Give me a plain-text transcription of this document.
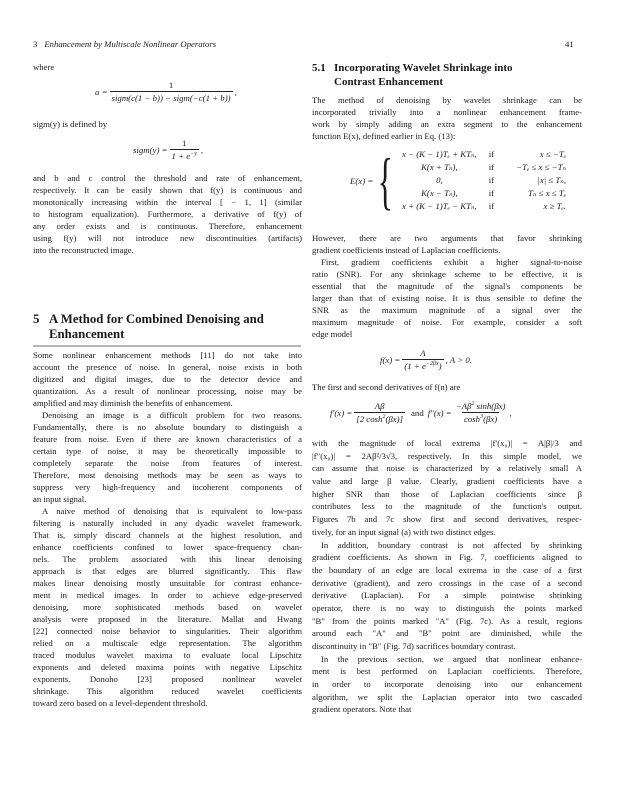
3 Enhancement by Multiscale Nonlinear Operators	41
where
$a = \frac{1}{\text{sigm(c(1 − b)) − sigm(−c(1 + b))}}$ ,
sigm(y) is defined by
sigm(y) = $\frac{1}{1 + e^{-y}}$ ,
and b and c control the threshold and rate of enhancement,
respectively. It can be easily shown that f(y) is continuous and
monotonically increasing within the interval [ − 1, 1] (similar
to histogram equalization). Furthermore, a derivative of f(y) of
any order exists and is continuous. Therefore, enhancement
using f(y) will not introduce new discontinuities (artifacts)
into the reconstructed image.
5 A Method for Combined Denoising and
Enhancement
Some nonlinear enhancement methods [11] do not take into
account the presence of noise. In general, noise exists in both
digitized and digital images, due to the detector device and
quantization. As a result of nonlinear processing, noise may be
amplified and may diminish the benefits of enhancement.
Denoising an image is a difficult problem for two reasons.
Fundamentally, there is no absolute boundary to distinguish a
feature from noise. Even if there are known characteristics of a
certain type of noise, it may be theoretically impossible to
completely separate the noise from features of interest.
Therefore, most denoising methods may be seen as ways to
suppress very high-frequency and incoherent components of
an input signal.
A naive method of denoising that is equivalent to low-pass
filtering is naturally included in any dyadic wavelet framework.
That is, simply discard channels at the highest resolution, and
enhance coefficients confined to lower space-frequency chan-
nels. The problem associated with this linear denoising
approach is that edges are blurred significantly. This flaw
makes linear denoising mostly unsuitable for contrast enhance-
ment in medical images. In order to achieve edge-preserved
denoising, more sophisticated methods based on wavelet
analysis were proposed in the literature. Mallat and Hwang
[22] connected noise behavior to singularities. Their algorithm
relied on a multiscale edge representation. The algorithm
traced modulus wavelet maxima to evaluate local Lipschitz
exponents and deleted maxima points with negative Lipschitz
exponents. Donoho [23] proposed nonlinear wavelet
shrinkage. This algorithm reduced wavelet coefficients
toward zero based on a level-dependent threshold.
5.1 Incorporating Wavelet Shrinkage into
Contrast Enhancement
The method of denoising by wavelet shrinkage can be
incorporated trivially into a nonlinear enhancement frame-
work by simply adding an extra segment to the enhancement
function E(x), defined earlier in Eq. (13):
E(x) = { x − (K − 1)Tₑ + KTₙ,	if	x ≤ −Tₑ
K(x + Tₙ),	if	−Tₑ ≤ x ≤ −Tₙ
0,	if	|x| ≤ Tₙ,
K(x − Tₙ),	if	Tₙ ≤ x ≤ Tₑ
x + (K − 1)Tₑ − KTₙ,	if	x ≥ Tₑ.
However, there are two arguments that favor shrinking
gradient coefficients instead of Laplacian coefficients.
First, gradient coefficients exhibit a higher signal-to-noise
ratio (SNR). For any shrinkage scheme to be effective, it is
essential that the magnitude of the signal's components be
larger than that of existing noise. It is thus sensible to define the
SNR as the maximum magnitude of a signal over the
maximum magnitude of noise. For example, consider a soft
edge model
$f(x) = \frac{A}{(1 + e^{-2\beta x})}$ , A > 0.
The first and second derivatives of f(n) are
$f'(x) = \frac{A\beta}{[2 \cosh^2(\beta x)]}$ and $f''(x) = \frac{-A\beta^2 \sinh(\beta x)}{\cosh^3(\beta x)}$ ,
with the magnitude of local extrema |f′(x₀)| = A|β|/3 and
|f″(x₀)| = 2Aβ²/3√3, respectively. In this simple model, we
can assume that noise is characterized by a relatively small A
value and large β value. Clearly, gradient coefficients have a
higher SNR than those of Laplacian coefficients since β
contributes less to the magnitude of the function's output.
Figures 7b and 7c show first and second derivatives, respec-
tively, for an input signal (a) with two distinct edges.
In addition, boundary contrast is not affected by shrinking
gradient coefficients. As shown in Fig. 7, coefficients aligned to
the boundary of an edge are local extrema in the case of a first
derivative (gradient), and zero crossings in the case of a second
derivative (Laplacian). For a simple pointwise shrinking
operator, there is no way to distinguish the points marked
"B" from the points marked "A" (Fig. 7c). As a result, regions
around each "A" and "B" point are diminished, while the
discontinuity in "B" (Fig. 7d) sacrifices boundary contrast.
In the previous section, we argued that nonlinear enhance-
ment is best performed on Laplacian coefficients. Therefore,
in order to incorporate denoising into our enhancement
algorithm, we split the Laplacian operator into two cascaded
gradient operators. Note that
